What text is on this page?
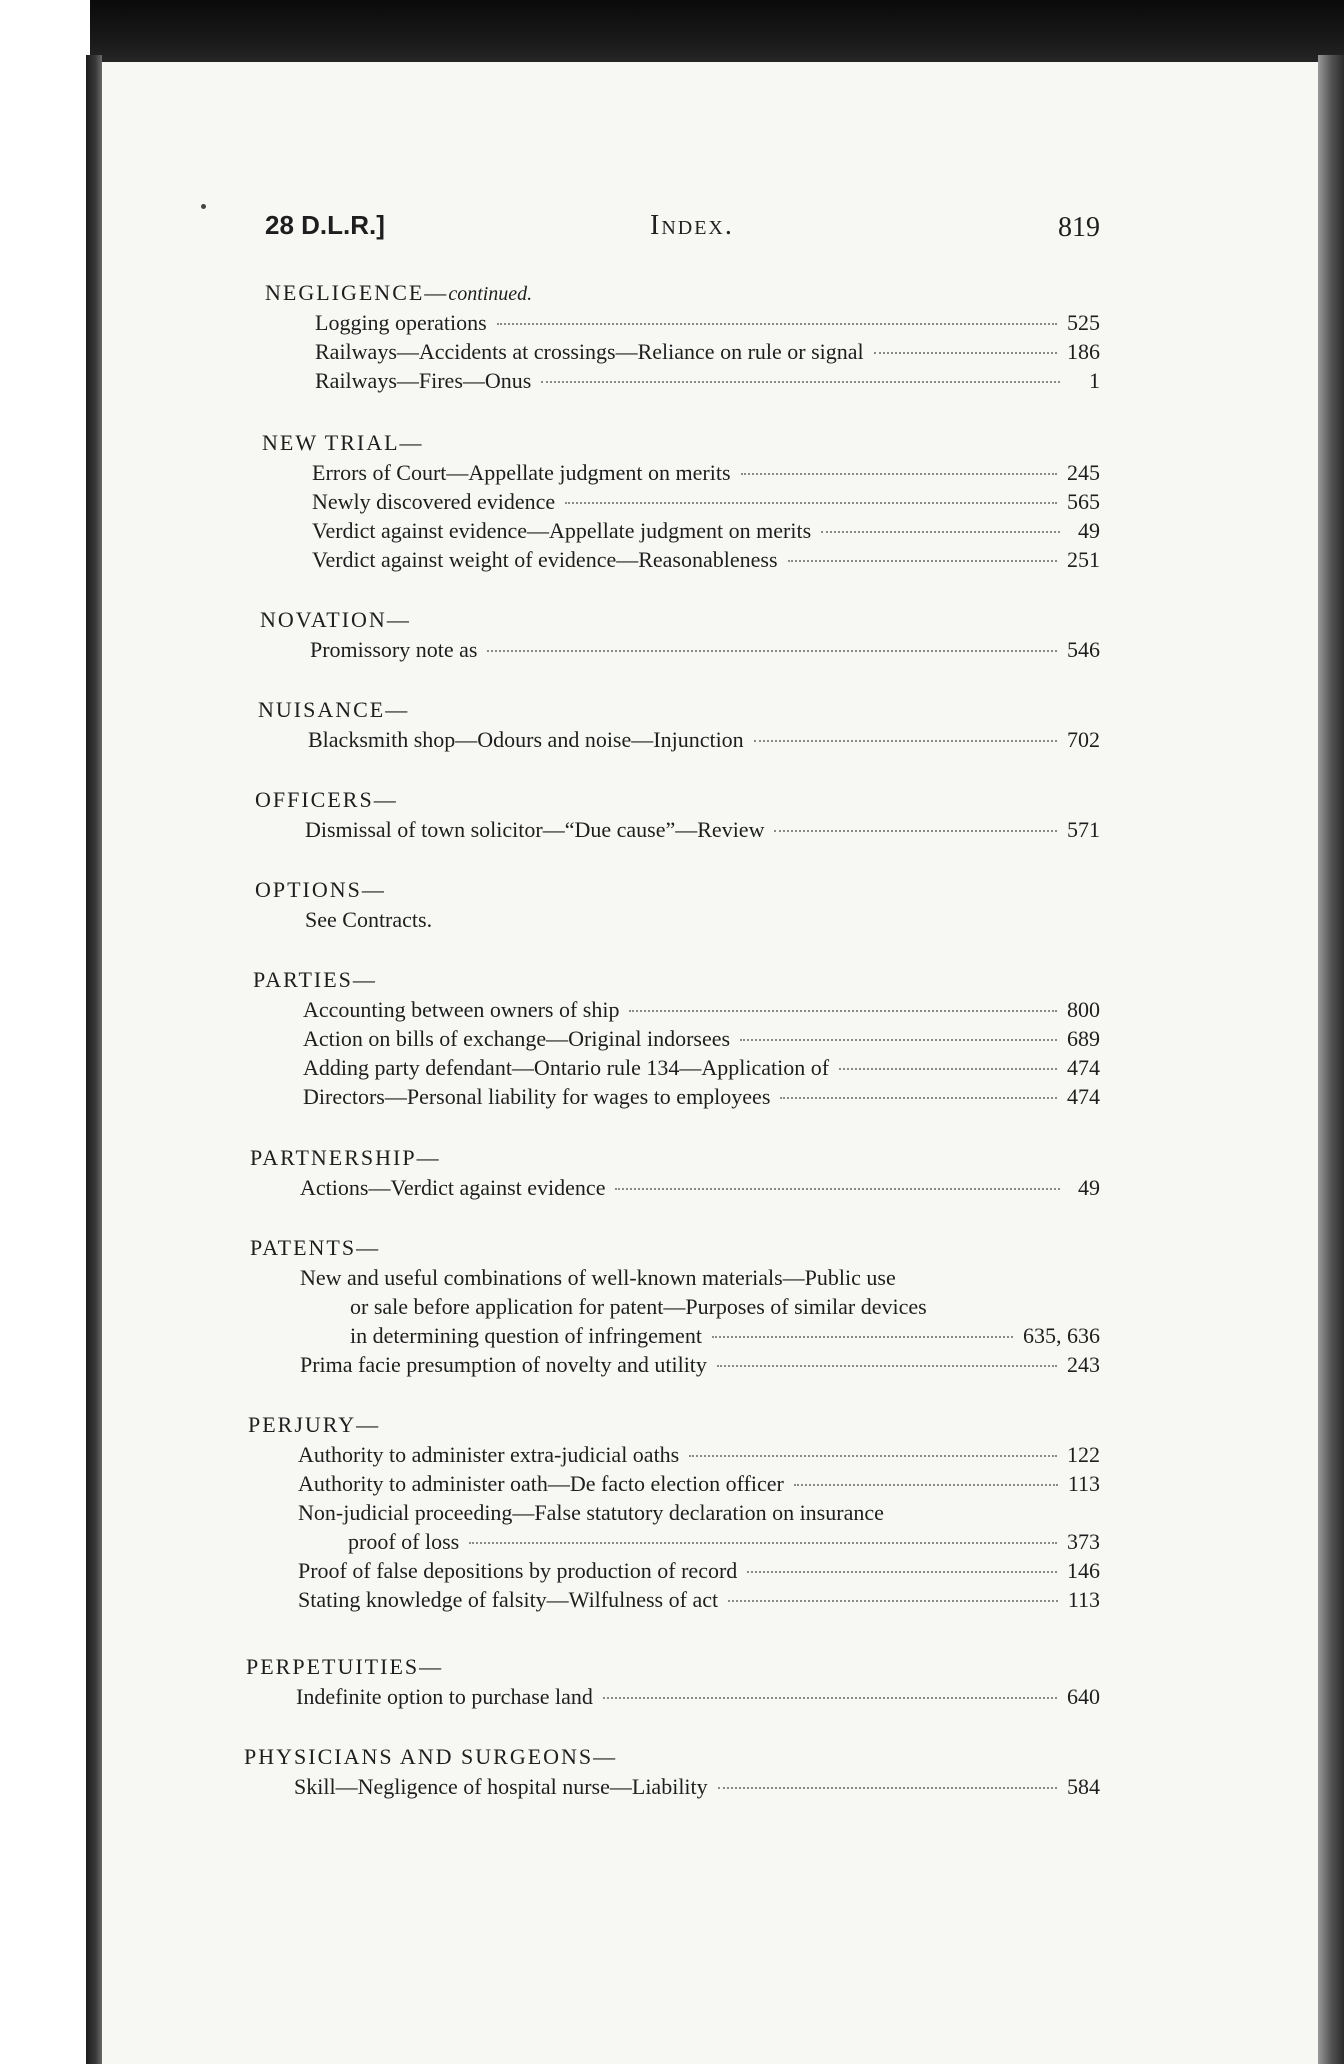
28 D.L.R.]	Index.	819
NEGLIGENCE—continued.
Logging operations	525
Railways—Accidents at crossings—Reliance on rule or signal	186
Railways—Fires—Onus	1
NEW TRIAL—
Errors of Court—Appellate judgment on merits	245
Newly discovered evidence	565
Verdict against evidence—Appellate judgment on merits	49
Verdict against weight of evidence—Reasonableness	251
NOVATION—
Promissory note as	546
NUISANCE—
Blacksmith shop—Odours and noise—Injunction	702
OFFICERS—
Dismissal of town solicitor—“Due cause”—Review	571
OPTIONS—
See Contracts.
PARTIES—
Accounting between owners of ship	800
Action on bills of exchange—Original indorsees	689
Adding party defendant—Ontario rule 134—Application of	474
Directors—Personal liability for wages to employees	474
PARTNERSHIP—
Actions—Verdict against evidence	49
PATENTS—
New and useful combinations of well-known materials—Public use
or sale before application for patent—Purposes of similar devices
in determining question of infringement	635, 636
Prima facie presumption of novelty and utility	243
PERJURY—
Authority to administer extra-judicial oaths	122
Authority to administer oath—De facto election officer	113
Non-judicial proceeding—False statutory declaration on insurance
proof of loss	373
Proof of false depositions by production of record	146
Stating knowledge of falsity—Wilfulness of act	113
PERPETUITIES—
Indefinite option to purchase land	640
PHYSICIANS AND SURGEONS—
Skill—Negligence of hospital nurse—Liability	584
